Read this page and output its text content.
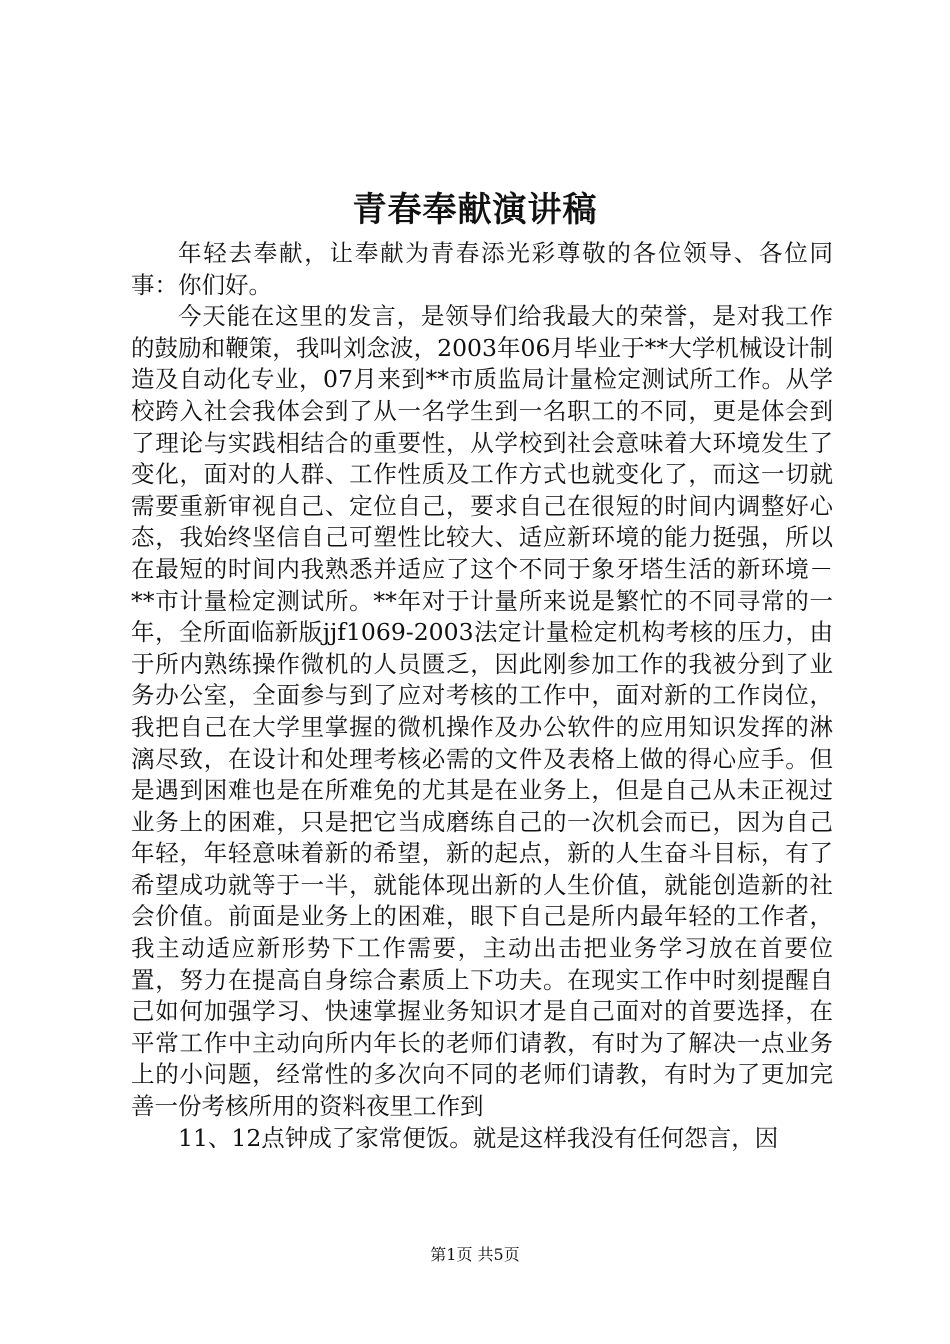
青春奉献演讲稿

年轻去奉献，让奉献为青春添光彩尊敬的各位领导、各位同事：你们好。

今天能在这里的发言，是领导们给我最大的荣誉，是对我工作的鼓励和鞭策，我叫刘念波，2003年06月毕业于**大学机械设计制造及自动化专业，07月来到**市质监局计量检定测试所工作。从学校跨入社会我体会到了从一名学生到一名职工的不同，更是体会到了理论与实践相结合的重要性，从学校到社会意味着大环境发生了变化，面对的人群、工作性质及工作方式也就变化了，而这一切就需要重新审视自己、定位自己，要求自己在很短的时间内调整好心态，我始终坚信自己可塑性比较大、适应新环境的能力挺强，所以在最短的时间内我熟悉并适应了这个不同于象牙塔生活的新环境－**市计量检定测试所。**年对于计量所来说是繁忙的不同寻常的一年，全所面临新版jjf1069-2003法定计量检定机构考核的压力，由于所内熟练操作微机的人员匮乏，因此刚参加工作的我被分到了业务办公室，全面参与到了应对考核的工作中，面对新的工作岗位，我把自己在大学里掌握的微机操作及办公软件的应用知识发挥的淋漓尽致，在设计和处理考核必需的文件及表格上做的得心应手。但是遇到困难也是在所难免的尤其是在业务上，但是自己从未正视过业务上的困难，只是把它当成磨练自己的一次机会而已，因为自己年轻，年轻意味着新的希望，新的起点，新的人生奋斗目标，有了希望成功就等于一半，就能体现出新的人生价值，就能创造新的社会价值。前面是业务上的困难，眼下自己是所内最年轻的工作者，我主动适应新形势下工作需要，主动出击把业务学习放在首要位置，努力在提高自身综合素质上下功夫。在现实工作中时刻提醒自己如何加强学习、快速掌握业务知识才是自己面对的首要选择，在平常工作中主动向所内年长的老师们请教，有时为了解决一点业务上的小问题，经常性的多次向不同的老师们请教，有时为了更加完善一份考核所用的资料夜里工作到

11、12点钟成了家常便饭。就是这样我没有任何怨言，因

第1页 共5页
